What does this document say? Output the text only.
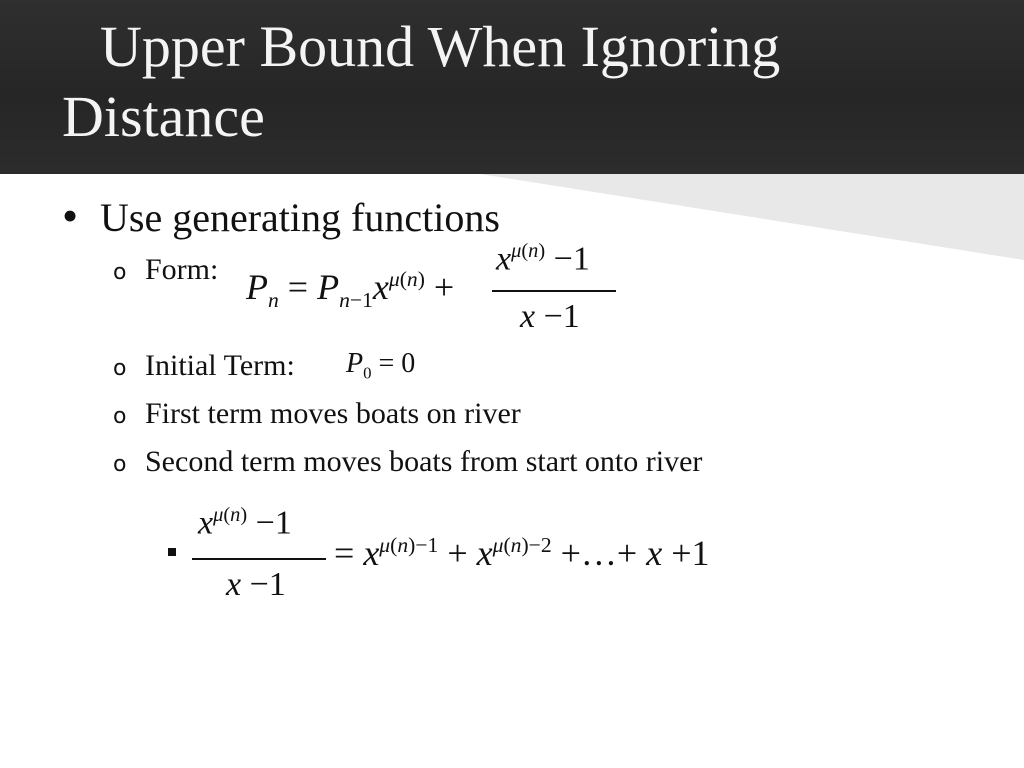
Upper Bound When Ignoring Distance
• Use generating functions
o Form: $P_n = P_{n-1}x^{\mu(n)}$ +
$x^{\mu(n)} -1$
x −1
o Initial Term: $P_0 = 0$
o First term moves boats on river
o Second term moves boats from start onto river
$x^{\mu(n)} -1$
x −1
= $x^{\mu(n)-1} + x^{\mu(n)-2}$ +…+ x +1
